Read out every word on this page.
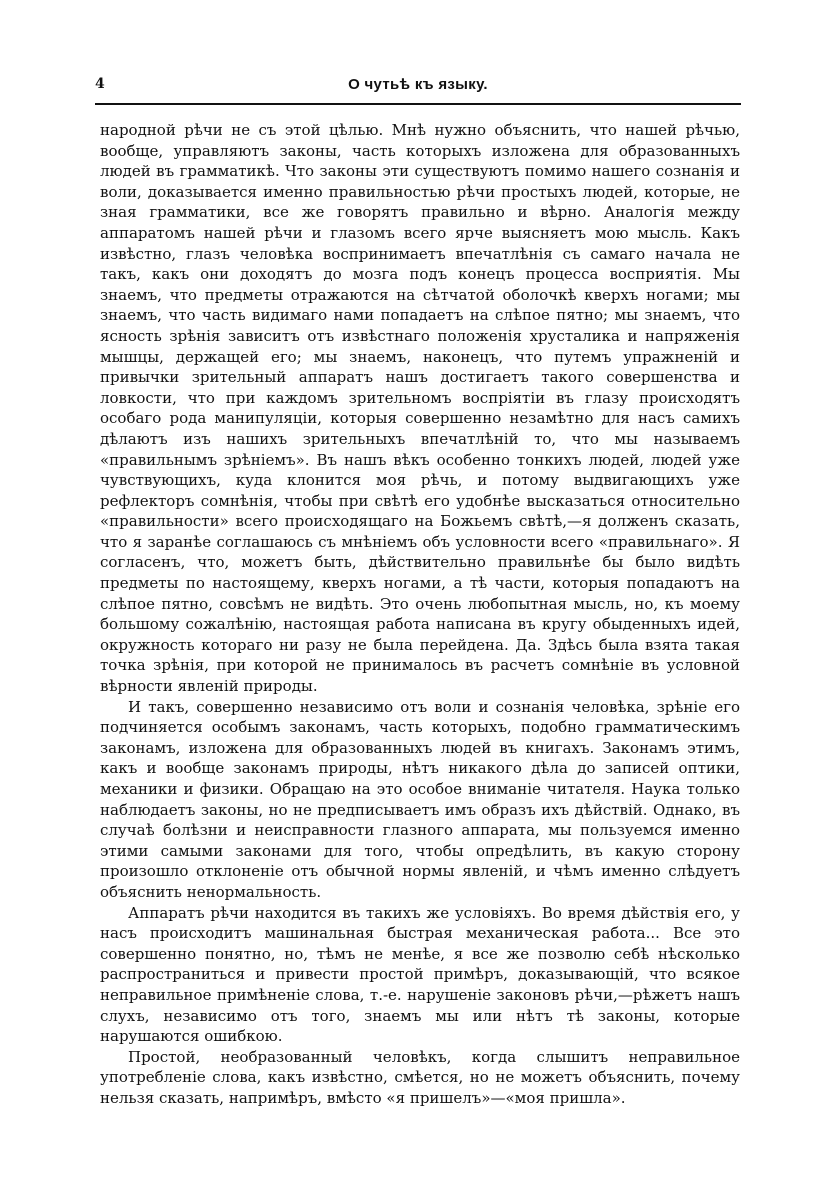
4	О чутьѣ къ языку.

народной рѣчи не съ этой цѣлью. Мнѣ нужно объяснить, что нашей рѣчью, вообще, управляютъ законы, часть которыхъ изложена для образованныхъ людей въ грамматикѣ. Что законы эти существуютъ помимо нашего сознанія и воли, доказывается именно правильностью рѣчи простыхъ людей, которые, не зная грамматики, все же говорятъ правильно и вѣрно. Аналогія между аппаратомъ нашей рѣчи и глазомъ всего ярче выясняетъ мою мысль. Какъ извѣстно, глазъ человѣка воспринимаетъ впечатлѣнія съ самаго начала не такъ, какъ они доходятъ до мозга подъ конецъ процесса восприятія. Мы знаемъ, что предметы отражаются на сѣтчатой оболочкѣ кверхъ ногами; мы знаемъ, что часть видимаго нами попадаетъ на слѣпое пятно; мы знаемъ, что ясность зрѣнія зависитъ отъ извѣстнаго положенія хрусталика и напряженія мышцы, держащей его; мы знаемъ, наконецъ, что путемъ упражненій и привычки зрительный аппаратъ нашъ достигаетъ такого совершенства и ловкости, что при каждомъ зрительномъ воспріятіи въ глазу происходятъ особаго рода манипуляціи, которыя совершенно незамѣтно для насъ самихъ дѣлаютъ изъ нашихъ зрительныхъ впечатлѣній то, что мы называемъ «правильнымъ зрѣніемъ». Въ нашъ вѣкъ особенно тонкихъ людей, людей уже чувствующихъ, куда клонится моя рѣчь, и потому выдвигающихъ уже рефлекторъ сомнѣнія, чтобы при свѣтѣ его удобнѣе высказаться относительно «правильности» всего происходящаго на Божьемъ свѣтѣ,—я долженъ сказать, что я заранѣе соглашаюсь съ мнѣніемъ объ условности всего «правильнаго». Я согласенъ, что, можетъ быть, дѣйствительно правильнѣе бы было видѣть предметы по настоящему, кверхъ ногами, а тѣ части, которыя попадаютъ на слѣпое пятно, совсѣмъ не видѣть. Это очень любопытная мысль, но, къ моему большому сожалѣнію, настоящая работа написана въ кругу обыденныхъ идей, окружность котораго ни разу не была перейдена. Да. Здѣсь была взята такая точка зрѣнія, при которой не принималось въ расчетъ сомнѣніе въ условной вѣрности явленій природы.

И такъ, совершенно независимо отъ воли и сознанія человѣка, зрѣніе его подчиняется особымъ законамъ, часть которыхъ, подобно грамматическимъ законамъ, изложена для образованныхъ людей въ книгахъ. Законамъ этимъ, какъ и вообще законамъ природы, нѣтъ никакого дѣла до записей оптики, механики и физики. Обращаю на это особое вниманіе читателя. Наука только наблюдаетъ законы, но не предписываетъ имъ образъ ихъ дѣйствій. Однако, въ случаѣ болѣзни и неисправности глазного аппарата, мы пользуемся именно этими самыми законами для того, чтобы опредѣлить, въ какую сторону произошло отклоненіе отъ обычной нормы явленій, и чѣмъ именно слѣдуетъ объяснить ненормальность.

Аппаратъ рѣчи находится въ такихъ же условіяхъ. Во время дѣйствія его, у насъ происходитъ машинальная быстрая механическая работа... Все это совершенно понятно, но, тѣмъ не менѣе, я все же позволю себѣ нѣсколько распространиться и привести простой примѣръ, доказывающій, что всякое неправильное примѣненіе слова, т.-е. нарушеніе законовъ рѣчи,—рѣжетъ нашъ слухъ, независимо отъ того, знаемъ мы или нѣтъ тѣ законы, которые нарушаются ошибкою.

Простой, необразованный человѣкъ, когда слышитъ неправильное употребленіе слова, какъ извѣстно, смѣется, но не можетъ объяснить, почему нельзя сказать, напримѣръ, вмѣсто «я пришелъ»—«моя пришла».
